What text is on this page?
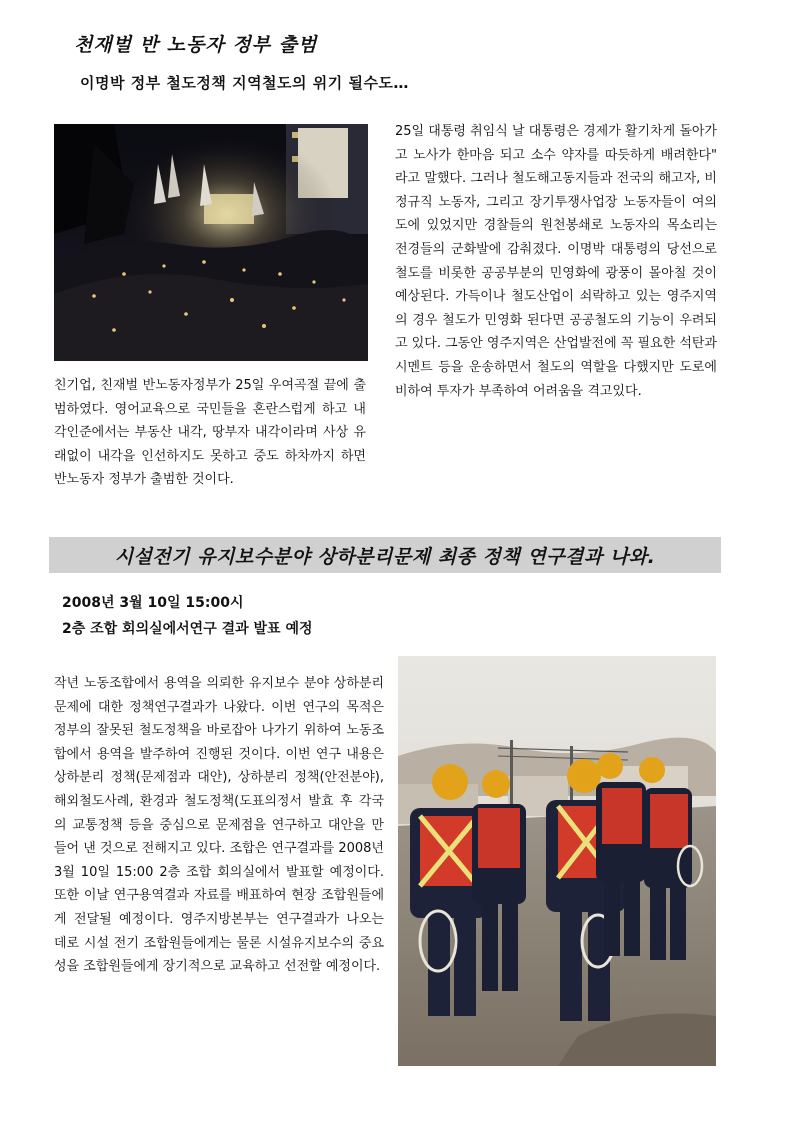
천재벌 반 노동자 정부 출범
이명박 정부 철도정책 지역철도의 위기 될수도…

25일 대통령 취임식 날 대통령은 경제가 활기차게 돌아가고 노사가 한마음 되고 소수 약자를 따듯하게 배려한다" 라고 말했다. 그러나 철도해고동지들과 전국의 해고자, 비정규직 노동자, 그리고 장기투쟁사업장 노동자들이 여의도에 있었지만 경찰들의 원천봉쇄로 노동자의 목소리는 전경들의 군화발에 감춰졌다. 이명박 대통령의 당선으로 철도를 비롯한 공공부분의 민영화에 광풍이 몰아칠 것이 예상된다. 가득이나 철도산업이 쇠락하고 있는 영주지역의 경우 철도가 민영화 된다면 공공철도의 기능이 우려되고 있다. 그동안 영주지역은 산업발전에 꼭 필요한 석탄과 시멘트 등을 운송하면서 철도의 역할을 다했지만 도로에 비하여 투자가 부족하여 어려움을 격고있다.

친기업, 친재벌 반노동자정부가 25일 우여곡절 끝에 출범하였다. 영어교육으로 국민들을 혼란스럽게 하고 내각인준에서는 부동산 내각, 땅부자 내각이라며 사상 유래없이 내각을 인선하지도 못하고 중도 하차까지 하면 반노동자 정부가 출범한 것이다.

시설전기 유지보수분야 상하분리문제 최종 정책 연구결과 나와.

2008년 3월 10일 15:00시

2층 조합 회의실에서연구 결과 발표 예정

작년 노동조합에서 용역을 의뢰한 유지보수 분야 상하분리문제에 대한 정책연구결과가 나왔다. 이번 연구의 목적은 정부의 잘못된 철도정책을 바로잡아 나가기 위하여 노동조합에서 용역을 발주하여 진행된 것이다. 이번 연구 내용은 상하분리 정책(문제점과 대안), 상하분리 정책(안전분야), 해외철도사례, 환경과 철도정책(도표의정서 발효 후 각국의 교통정책 등을 중심으로 문제점을 연구하고 대안을 만들어 낸 것으로 전해지고 있다. 조합은 연구결과를 2008년 3월 10일 15:00 2층 조합 회의실에서 발표할 예정이다. 또한 이날 연구용역결과 자료를 배표하여 현장 조합원들에게 전달될 예정이다. 영주지방본부는 연구결과가 나오는 데로 시설 전기 조합원들에게는 물론 시설유지보수의 중요성을 조합원들에게 장기적으로 교육하고 선전할 예정이다.
